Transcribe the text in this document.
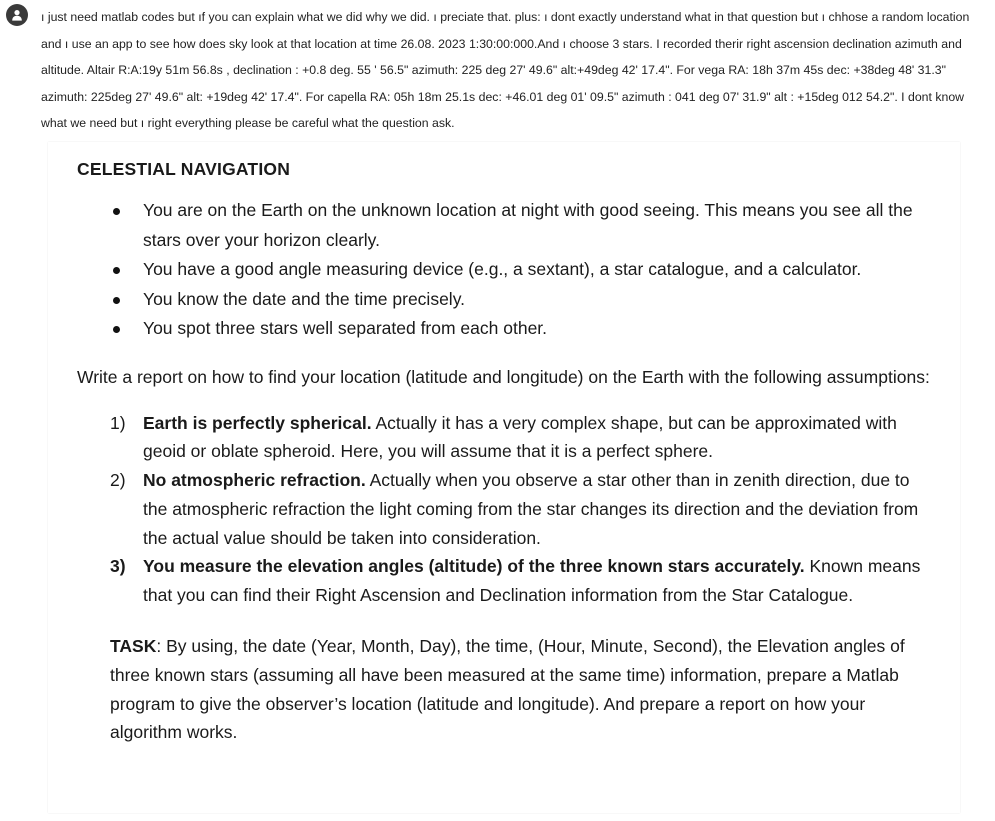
ı just need matlab codes but ıf you can explain what we did why we did. ı preciate that. plus: ı dont exactly understand what in that question but ı chhose a random location and ı use an app to see how does sky look at that location at time 26.08. 2023 1:30:00:000.And ı choose 3 stars. I recorded therir right ascension declination azimuth and altitude. Altair R:A:19y 51m 56.8s , declination : +0.8 deg. 55 ' 56.5" azimuth: 225 deg 27' 49.6" alt:+49deg 42' 17.4". For vega RA: 18h 37m 45s dec: +38deg 48' 31.3" azimuth: 225deg 27' 49.6" alt: +19deg 42' 17.4". For capella RA: 05h 18m 25.1s dec: +46.01 deg 01' 09.5" azimuth : 041 deg 07' 31.9" alt : +15deg 012 54.2". I dont know what we need but ı right everything please be careful what the question ask.

CELESTIAL NAVIGATION
You are on the Earth on the unknown location at night with good seeing. This means you see all the stars over your horizon clearly.
You have a good angle measuring device (e.g., a sextant), a star catalogue, and a calculator.
You know the date and the time precisely.
You spot three stars well separated from each other.

Write a report on how to find your location (latitude and longitude) on the Earth with the following assumptions:

1) Earth is perfectly spherical. Actually it has a very complex shape, but can be approximated with geoid or oblate spheroid. Here, you will assume that it is a perfect sphere.
2) No atmospheric refraction. Actually when you observe a star other than in zenith direction, due to the atmospheric refraction the light coming from the star changes its direction and the deviation from the actual value should be taken into consideration.
3) You measure the elevation angles (altitude) of the three known stars accurately. Known means that you can find their Right Ascension and Declination information from the Star Catalogue.

TASK: By using, the date (Year, Month, Day), the time, (Hour, Minute, Second), the Elevation angles of three known stars (assuming all have been measured at the same time) information, prepare a Matlab program to give the observer’s location (latitude and longitude). And prepare a report on how your algorithm works.
